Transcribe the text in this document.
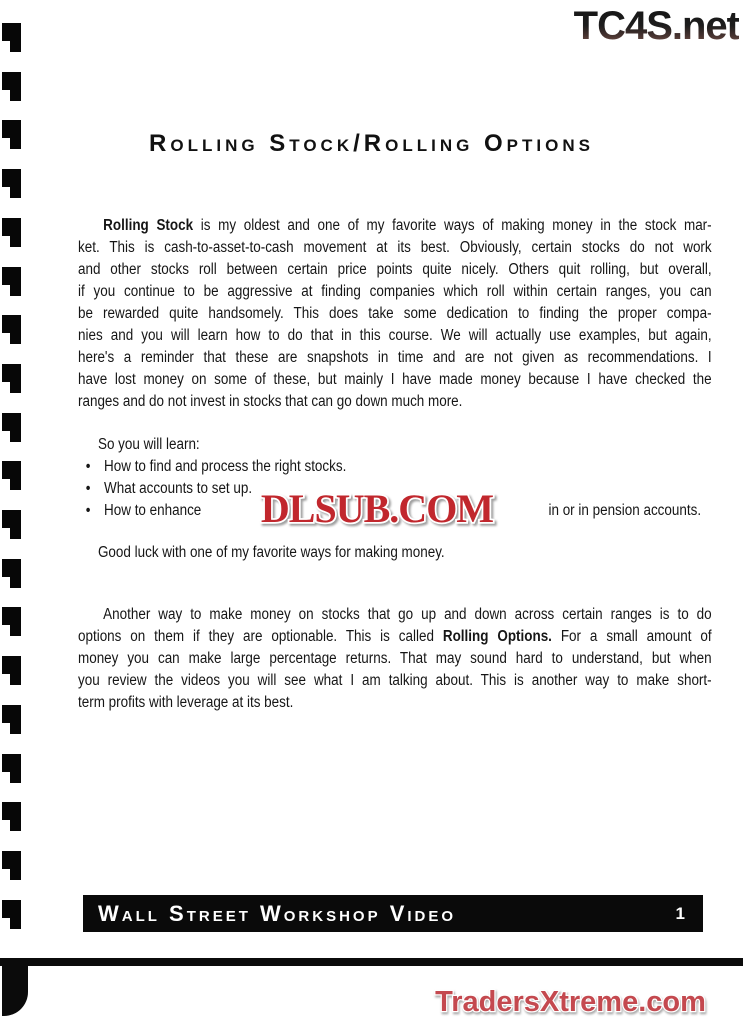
TC4S.net
Rolling Stock/Rolling Options
Rolling Stock is my oldest and one of my favorite ways of making money in the stock mar-
ket. This is cash-to-asset-to-cash movement at its best. Obviously, certain stocks do not work
and other stocks roll between certain price points quite nicely. Others quit rolling, but overall,
if you continue to be aggressive at finding companies which roll within certain ranges, you can
be rewarded quite handsomely. This does take some dedication to finding the proper compa-
nies and you will learn how to do that in this course. We will actually use examples, but again,
here's a reminder that these are snapshots in time and are not given as recommendations. I
have lost money on some of these, but mainly I have made money because I have checked the
ranges and do not invest in stocks that can go down much more.
So you will learn:
• How to find and process the right stocks.
• What accounts to set up.
• How to enhance	in or in pension accounts.
Good luck with one of my favorite ways for making money.
Another way to make money on stocks that go up and down across certain ranges is to do
options on them if they are optionable. This is called Rolling Options. For a small amount of
money you can make large percentage returns. That may sound hard to understand, but when
you review the videos you will see what I am talking about. This is another way to make short-
term profits with leverage at its best.
DLSUB.COM
Wall Street Workshop Video	1
TradersXtreme.com
